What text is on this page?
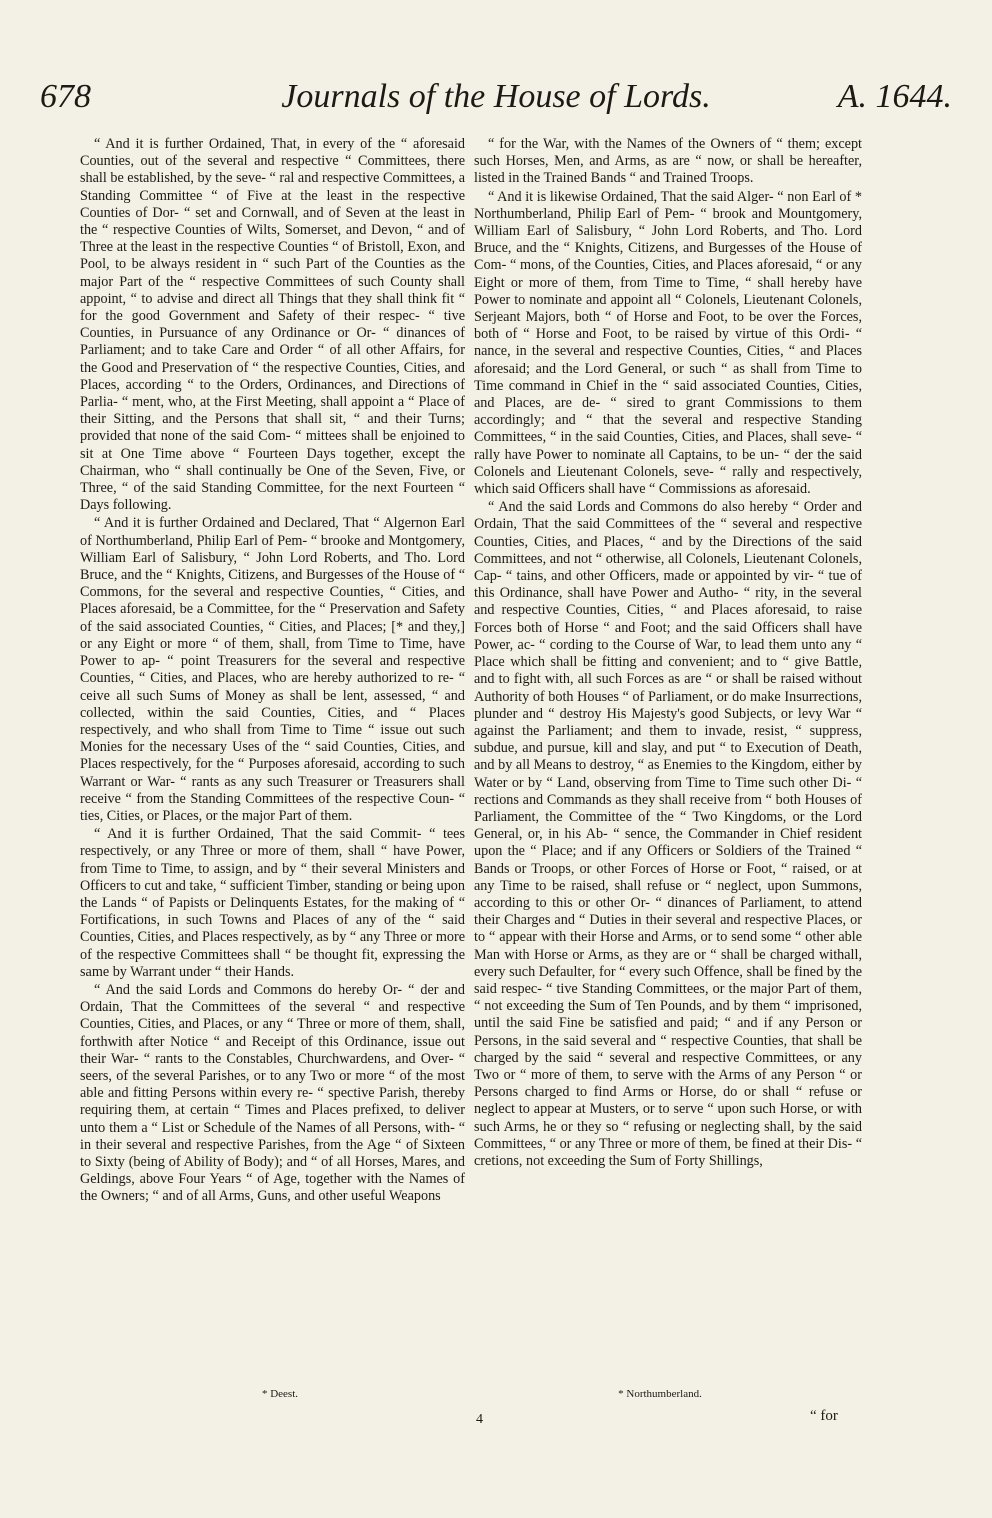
678	Journals of the House of Lords.	A. 1644.

“ And it is further Ordained, That, in every of the “ aforesaid Counties, out of the several and respective “ Committees, there shall be established, by the seve- “ ral and respective Committees, a Standing Committee “ of Five at the least in the respective Counties of Dor- “ set and Cornwall, and of Seven at the least in the “ respective Counties of Wilts, Somerset, and Devon, “ and of Three at the least in the respective Counties “ of Bristoll, Exon, and Pool, to be always resident in “ such Part of the Counties as the major Part of the “ respective Committees of such County shall appoint, “ to advise and direct all Things that they shall think fit “ for the good Government and Safety of their respec- “ tive Counties, in Pursuance of any Ordinance or Or- “ dinances of Parliament; and to take Care and Order “ of all other Affairs, for the Good and Preservation of “ the respective Counties, Cities, and Places, according “ to the Orders, Ordinances, and Directions of Parlia- “ ment, who, at the First Meeting, shall appoint a “ Place of their Sitting, and the Persons that shall sit, “ and their Turns; provided that none of the said Com- “ mittees shall be enjoined to sit at One Time above “ Fourteen Days together, except the Chairman, who “ shall continually be One of the Seven, Five, or Three, “ of the said Standing Committee, for the next Fourteen “ Days following.

“ And it is further Ordained and Declared, That “ Algernon Earl of Northumberland, Philip Earl of Pem- “ brooke and Montgomery, William Earl of Salisbury, “ John Lord Roberts, and Tho. Lord Bruce, and the “ Knights, Citizens, and Burgesses of the House of “ Commons, for the several and respective Counties, “ Cities, and Places aforesaid, be a Committee, for the “ Preservation and Safety of the said associated Counties, “ Cities, and Places; [* and they,] or any Eight or more “ of them, shall, from Time to Time, have Power to ap- “ point Treasurers for the several and respective Counties, “ Cities, and Places, who are hereby authorized to re- “ ceive all such Sums of Money as shall be lent, assessed, “ and collected, within the said Counties, Cities, and “ Places respectively, and who shall from Time to Time “ issue out such Monies for the necessary Uses of the “ said Counties, Cities, and Places respectively, for the “ Purposes aforesaid, according to such Warrant or War- “ rants as any such Treasurer or Treasurers shall receive “ from the Standing Committees of the respective Coun- “ ties, Cities, or Places, or the major Part of them.

“ And it is further Ordained, That the said Commit- “ tees respectively, or any Three or more of them, shall “ have Power, from Time to Time, to assign, and by “ their several Ministers and Officers to cut and take, “ sufficient Timber, standing or being upon the Lands “ of Papists or Delinquents Estates, for the making of “ Fortifications, in such Towns and Places of any of the “ said Counties, Cities, and Places respectively, as by “ any Three or more of the respective Committees shall “ be thought fit, expressing the same by Warrant under “ their Hands.

“ And the said Lords and Commons do hereby Or- “ der and Ordain, That the Committees of the several “ and respective Counties, Cities, and Places, or any “ Three or more of them, shall, forthwith after Notice “ and Receipt of this Ordinance, issue out their War- “ rants to the Constables, Churchwardens, and Over- “ seers, of the several Parishes, or to any Two or more “ of the most able and fitting Persons within every re- “ spective Parish, thereby requiring them, at certain “ Times and Places prefixed, to deliver unto them a “ List or Schedule of the Names of all Persons, with- “ in their several and respective Parishes, from the Age “ of Sixteen to Sixty (being of Ability of Body); and “ of all Horses, Mares, and Geldings, above Four Years “ of Age, together with the Names of the Owners; “ and of all Arms, Guns, and other useful Weapons

“ for the War, with the Names of the Owners of “ them; except such Horses, Men, and Arms, as are “ now, or shall be hereafter, listed in the Trained Bands “ and Trained Troops.

“ And it is likewise Ordained, That the said Alger- “ non Earl of * Northumberland, Philip Earl of Pem- “ brook and Mountgomery, William Earl of Salisbury, “ John Lord Roberts, and Tho. Lord Bruce, and the “ Knights, Citizens, and Burgesses of the House of Com- “ mons, of the Counties, Cities, and Places aforesaid, “ or any Eight or more of them, from Time to Time, “ shall hereby have Power to nominate and appoint all “ Colonels, Lieutenant Colonels, Serjeant Majors, both “ of Horse and Foot, to be over the Forces, both of “ Horse and Foot, to be raised by virtue of this Ordi- “ nance, in the several and respective Counties, Cities, “ and Places aforesaid; and the Lord General, or such “ as shall from Time to Time command in Chief in the “ said associated Counties, Cities, and Places, are de- “ sired to grant Commissions to them accordingly; and “ that the several and respective Standing Committees, “ in the said Counties, Cities, and Places, shall seve- “ rally have Power to nominate all Captains, to be un- “ der the said Colonels and Lieutenant Colonels, seve- “ rally and respectively, which said Officers shall have “ Commissions as aforesaid.

“ And the said Lords and Commons do also hereby “ Order and Ordain, That the said Committees of the “ several and respective Counties, Cities, and Places, “ and by the Directions of the said Committees, and not “ otherwise, all Colonels, Lieutenant Colonels, Cap- “ tains, and other Officers, made or appointed by vir- “ tue of this Ordinance, shall have Power and Autho- “ rity, in the several and respective Counties, Cities, “ and Places aforesaid, to raise Forces both of Horse “ and Foot; and the said Officers shall have Power, ac- “ cording to the Course of War, to lead them unto any “ Place which shall be fitting and convenient; and to “ give Battle, and to fight with, all such Forces as are “ or shall be raised without Authority of both Houses “ of Parliament, or do make Insurrections, plunder and “ destroy His Majesty's good Subjects, or levy War “ against the Parliament; and them to invade, resist, “ suppress, subdue, and pursue, kill and slay, and put “ to Execution of Death, and by all Means to destroy, “ as Enemies to the Kingdom, either by Water or by “ Land, observing from Time to Time such other Di- “ rections and Commands as they shall receive from “ both Houses of Parliament, the Committee of the “ Two Kingdoms, or the Lord General, or, in his Ab- “ sence, the Commander in Chief resident upon the “ Place; and if any Officers or Soldiers of the Trained “ Bands or Troops, or other Forces of Horse or Foot, “ raised, or at any Time to be raised, shall refuse or “ neglect, upon Summons, according to this or other Or- “ dinances of Parliament, to attend their Charges and “ Duties in their several and respective Places, or to “ appear with their Horse and Arms, or to send some “ other able Man with Horse or Arms, as they are or “ shall be charged withall, every such Defaulter, for “ every such Offence, shall be fined by the said respec- “ tive Standing Committees, or the major Part of them, “ not exceeding the Sum of Ten Pounds, and by them “ imprisoned, until the said Fine be satisfied and paid; “ and if any Person or Persons, in the said several and “ respective Counties, that shall be charged by the said “ several and respective Committees, or any Two or “ more of them, to serve with the Arms of any Person “ or Persons charged to find Arms or Horse, do or shall “ refuse or neglect to appear at Musters, or to serve “ upon such Horse, or with such Arms, he or they so “ refusing or neglecting shall, by the said Committees, “ or any Three or more of them, be fined at their Dis- “ cretions, not exceeding the Sum of Forty Shillings,

* Deest.	* Northumberland.
4	“ for
